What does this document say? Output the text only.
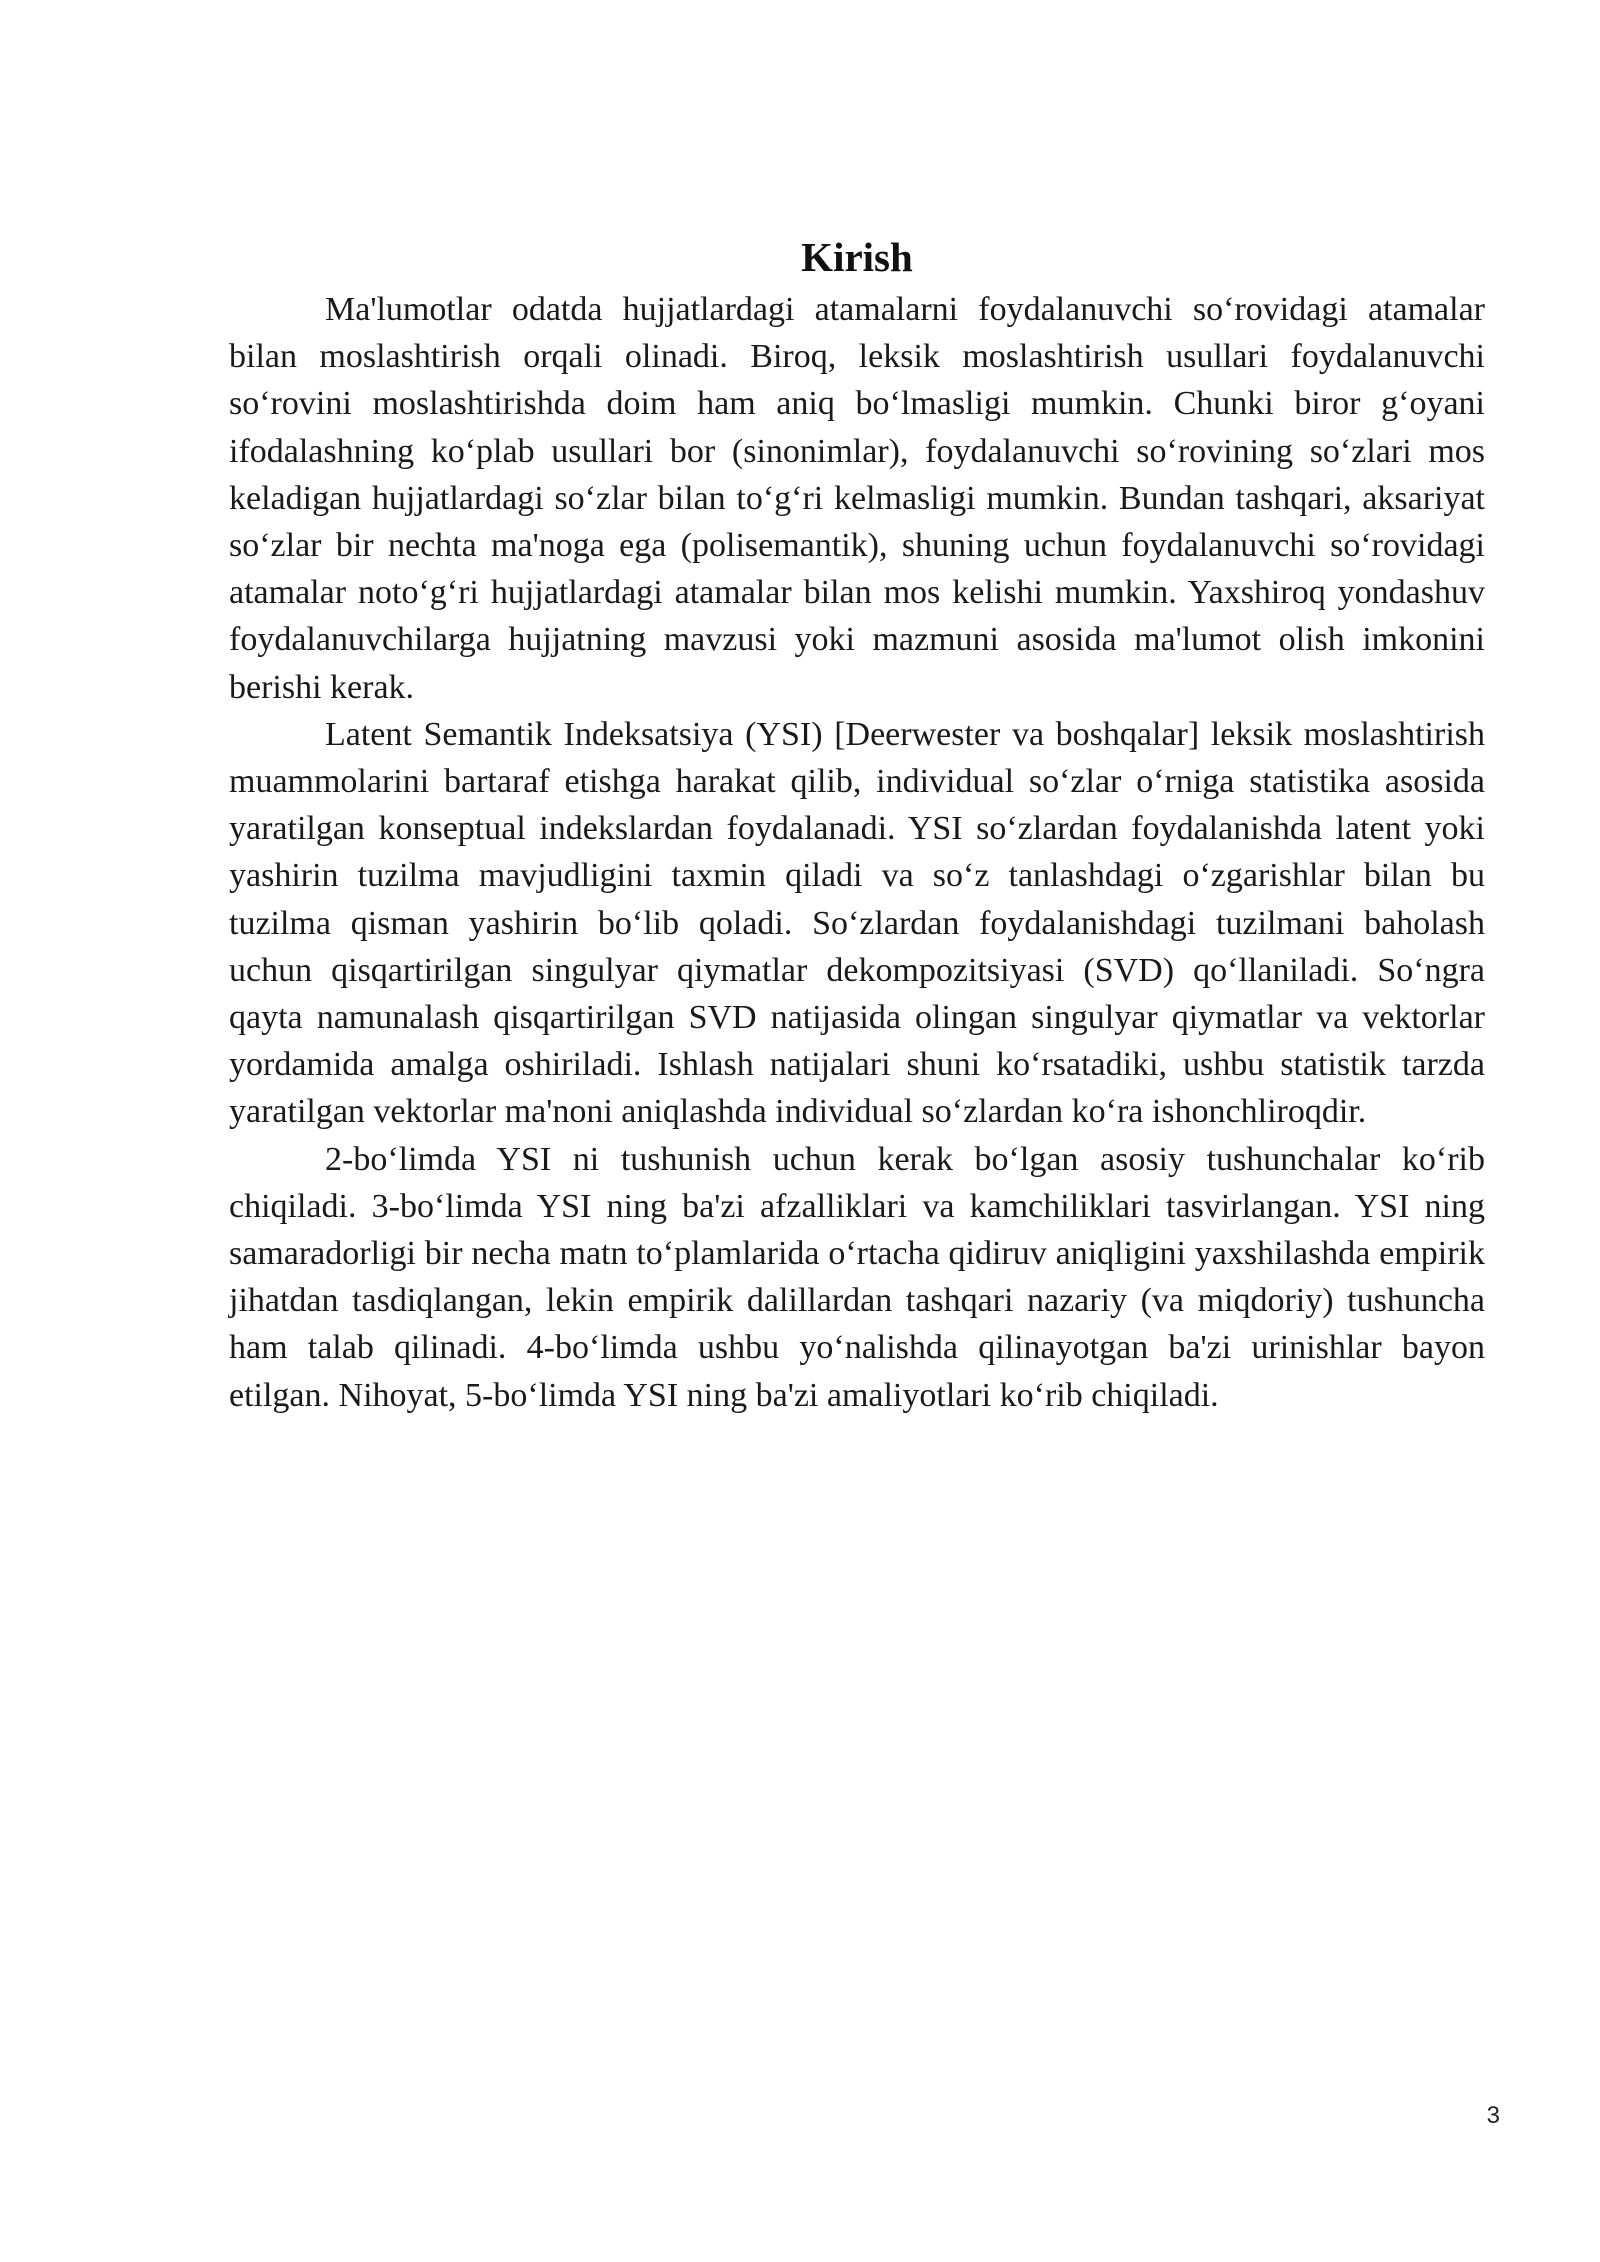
Kirish

Ma'lumotlar odatda hujjatlardagi atamalarni foydalanuvchi so‘rovidagi atamalar bilan moslashtirish orqali olinadi. Biroq, leksik moslashtirish usullari foydalanuvchi so‘rovini moslashtirishda doim ham aniq bo‘lmasligi mumkin. Chunki biror g‘oyani ifodalashning ko‘plab usullari bor (sinonimlar), foydalanuvchi so‘rovining so‘zlari mos keladigan hujjatlardagi so‘zlar bilan to‘g‘ri kelmasligi mumkin. Bundan tashqari, aksariyat so‘zlar bir nechta ma'noga ega (polisemantik), shuning uchun foydalanuvchi so‘rovidagi atamalar noto‘g‘ri hujjatlardagi atamalar bilan mos kelishi mumkin. Yaxshiroq yondashuv foydalanuvchilarga hujjatning mavzusi yoki mazmuni asosida ma'lumot olish imkonini berishi kerak.

Latent Semantik Indeksatsiya (YSI) [Deerwester va boshqalar] leksik moslashtirish muammolarini bartaraf etishga harakat qilib, individual so‘zlar o‘rniga statistika asosida yaratilgan konseptual indekslardan foydalanadi. YSI so‘zlardan foydalanishda latent yoki yashirin tuzilma mavjudligini taxmin qiladi va so‘z tanlashdagi o‘zgarishlar bilan bu tuzilma qisman yashirin bo‘lib qoladi. So‘zlardan foydalanishdagi tuzilmani baholash uchun qisqartirilgan singulyar qiymatlar dekompozitsiyasi (SVD) qo‘llaniladi. So‘ngra qayta namunalash qisqartirilgan SVD natijasida olingan singulyar qiymatlar va vektorlar yordamida amalga oshiriladi. Ishlash natijalari shuni ko‘rsatadiki, ushbu statistik tarzda yaratilgan vektorlar ma'noni aniqlashda individual so‘zlardan ko‘ra ishonchliroqdir.

2-bo‘limda YSI ni tushunish uchun kerak bo‘lgan asosiy tushunchalar ko‘rib chiqiladi. 3-bo‘limda YSI ning ba'zi afzalliklari va kamchiliklari tasvirlangan. YSI ning samaradorligi bir necha matn to‘plamlarida o‘rtacha qidiruv aniqligini yaxshilashda empirik jihatdan tasdiqlangan, lekin empirik dalillardan tashqari nazariy (va miqdoriy) tushuncha ham talab qilinadi. 4-bo‘limda ushbu yo‘nalishda qilinayotgan ba'zi urinishlar bayon etilgan. Nihoyat, 5-bo‘limda YSI ning ba'zi amaliyotlari ko‘rib chiqiladi.

3
